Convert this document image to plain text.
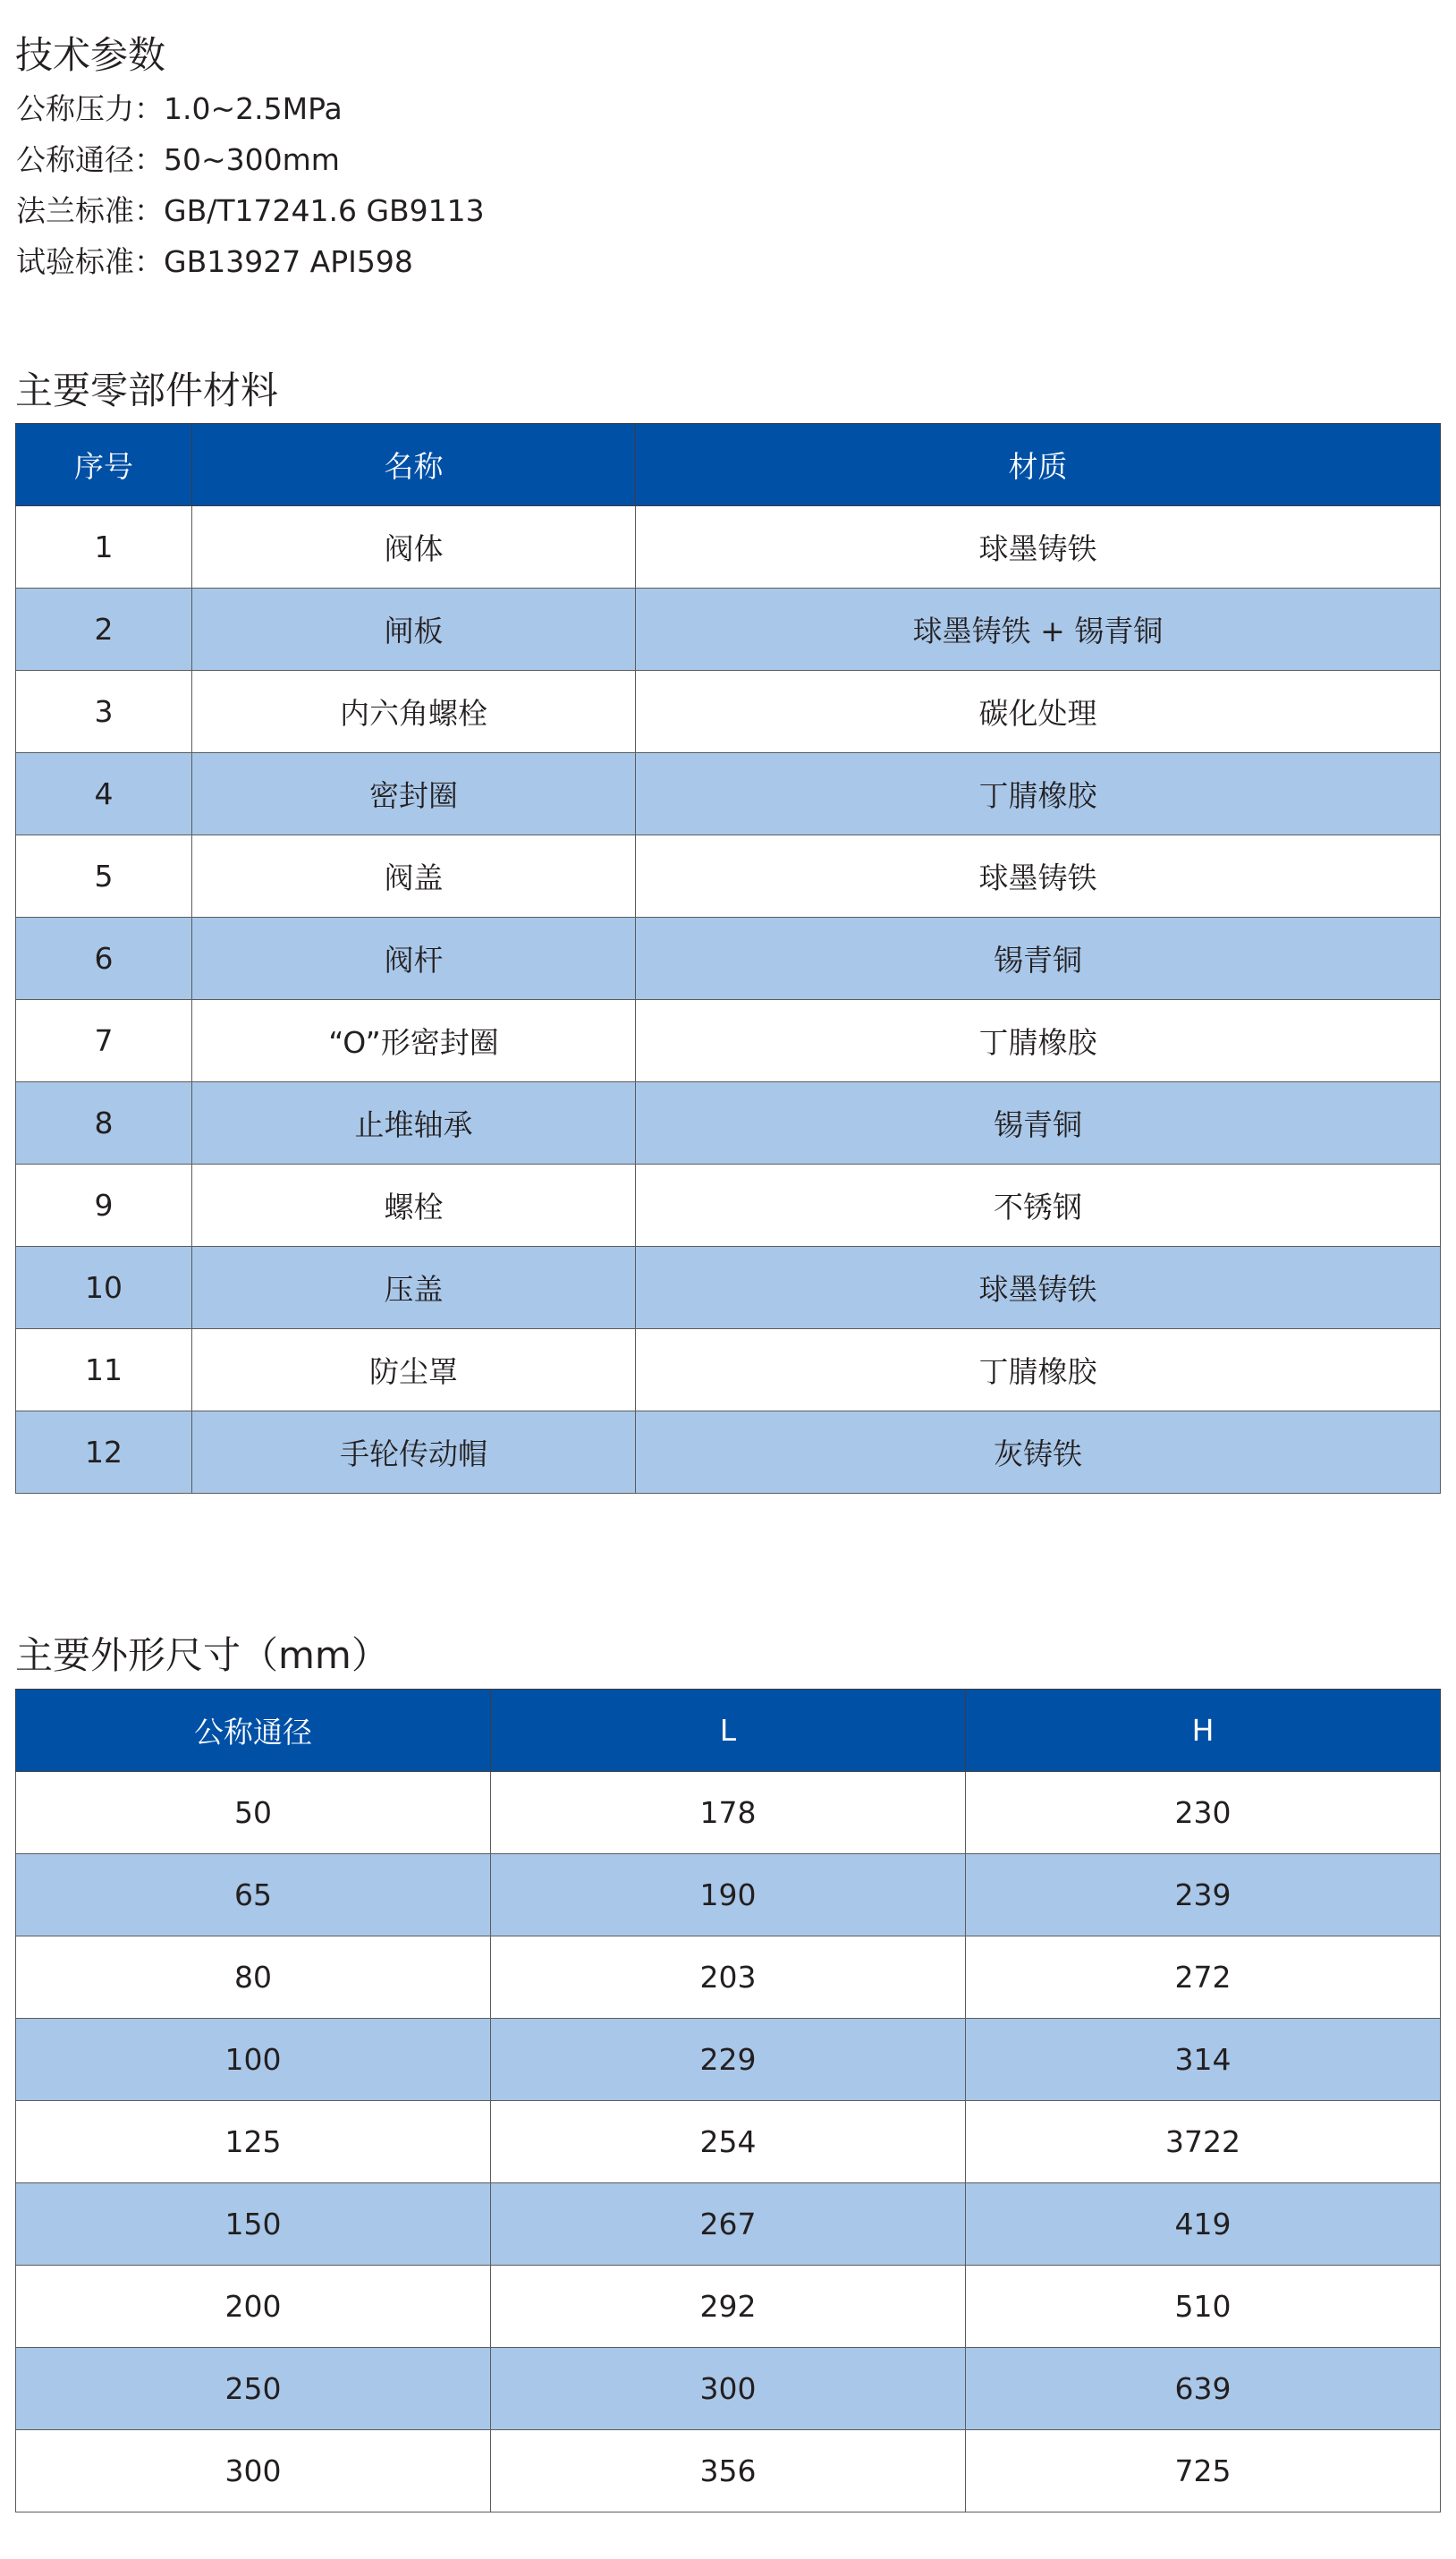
技术参数
公称压力：1.0~2.5MPa
公称通径：50~300mm
法兰标准：GB/T17241.6 GB9113
试验标准：GB13927 API598
主要零部件材料
序号	名称	材质
1	阀体	球墨铸铁
2	闸板	球墨铸铁 + 锡青铜
3	内六角螺栓	碳化处理
4	密封圈	丁腈橡胶
5	阀盖	球墨铸铁
6	阀杆	锡青铜
7	“O”形密封圈	丁腈橡胶
8	止堆轴承	锡青铜
9	螺栓	不锈钢
10	压盖	球墨铸铁
11	防尘罩	丁腈橡胶
12	手轮传动帽	灰铸铁
主要外形尺寸（mm）
公称通径	L	H
50	178	230
65	190	239
80	203	272
100	229	314
125	254	3722
150	267	419
200	292	510
250	300	639
300	356	725
